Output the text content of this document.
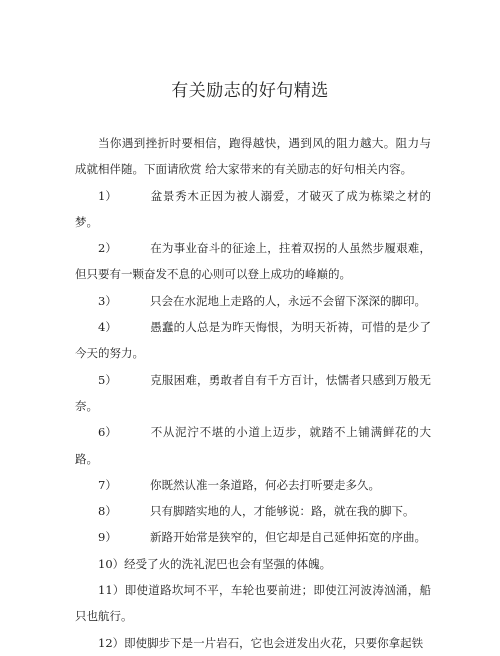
有关励志的好句精选

当你遇到挫折时要相信，跑得越快，遇到风的阻力越大。阻力与成就相伴随。下面请欣赏 给大家带来的有关励志的好句相关内容。

1）	盆景秀木正因为被人溺爱，才破灭了成为栋梁之材的梦。

2）	在为事业奋斗的征途上，拄着双拐的人虽然步履艰难，但只要有一颗奋发不息的心则可以登上成功的峰巅的。

3）	只会在水泥地上走路的人，永远不会留下深深的脚印。

4）	愚蠢的人总是为昨天悔恨，为明天祈祷，可惜的是少了今天的努力。

5）	克服困难，勇敢者自有千方百计，怯懦者只感到万般无奈。

6）	不从泥泞不堪的小道上迈步，就踏不上铺满鲜花的大路。

7）	你既然认准一条道路，何必去打听要走多久。

8）	只有脚踏实地的人，才能够说：路，就在我的脚下。

9）	新路开始常是狭窄的，但它却是自己延伸拓宽的序曲。

10）经受了火的洗礼泥巴也会有坚强的体魄。

11）即使道路坎坷不平，车轮也要前进；即使江河波涛汹涌，船只也航行。

12）即使脚步下是一片岩石，它也会迸发出火花，只要你拿起铁
